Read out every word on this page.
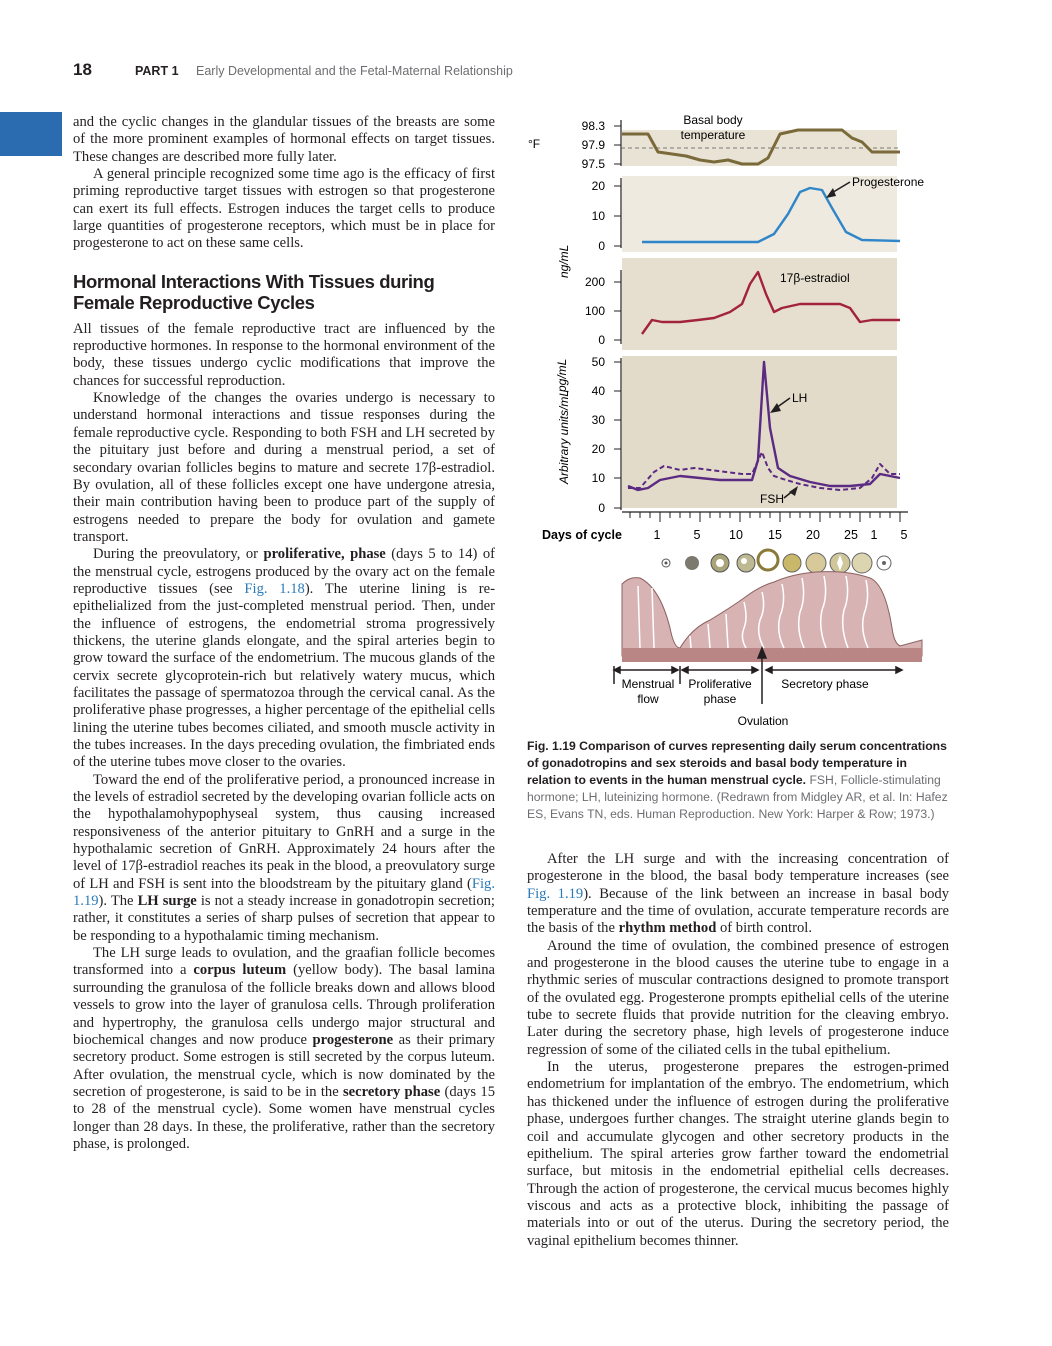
18	PART 1 Early Developmental and the Fetal-Maternal Relationship

and the cyclic changes in the glandular tissues of the breasts are some of the more prominent examples of hormonal effects on target tissues. These changes are described more fully later.

A general principle recognized some time ago is the efficacy of first priming reproductive target tissues with estrogen so that progesterone can exert its full effects. Estrogen induces the target cells to produce large quantities of progesterone receptors, which must be in place for progesterone to act on these same cells.

Hormonal Interactions With Tissues during Female Reproductive Cycles

All tissues of the female reproductive tract are influenced by the reproductive hormones. In response to the hormonal environment of the body, these tissues undergo cyclic modifications that improve the chances for successful reproduction.

Knowledge of the changes the ovaries undergo is necessary to understand hormonal interactions and tissue responses during the female reproductive cycle. Responding to both FSH and LH secreted by the pituitary just before and during a menstrual period, a set of secondary ovarian follicles begins to mature and secrete 17β-estradiol. By ovulation, all of these follicles except one have undergone atresia, their main contribution having been to produce part of the supply of estrogens needed to prepare the body for ovulation and gamete transport.

During the preovulatory, or proliferative, phase (days 5 to 14) of the menstrual cycle, estrogens produced by the ovary act on the female reproductive tissues (see Fig. 1.18). The uterine lining is re-epithelialized from the just-completed menstrual period. Then, under the influence of estrogens, the endometrial stroma progressively thickens, the uterine glands elongate, and the spiral arteries begin to grow toward the surface of the endometrium. The mucous glands of the cervix secrete glycoprotein-rich but relatively watery mucus, which facilitates the passage of spermatozoa through the cervical canal. As the proliferative phase progresses, a higher percentage of the epithelial cells lining the uterine tubes becomes ciliated, and smooth muscle activity in the tubes increases. In the days preceding ovulation, the fimbriated ends of the uterine tubes move closer to the ovaries.

Toward the end of the proliferative period, a pronounced increase in the levels of estradiol secreted by the developing ovarian follicle acts on the hypothalamohypophyseal system, thus causing increased responsiveness of the anterior pituitary to GnRH and a surge in the hypothalamic secretion of GnRH. Approximately 24 hours after the level of 17β-estradiol reaches its peak in the blood, a preovulatory surge of LH and FSH is sent into the bloodstream by the pituitary gland (Fig. 1.19). The LH surge is not a steady increase in gonadotropin secretion; rather, it constitutes a series of sharp pulses of secretion that appear to be responding to a hypothalamic timing mechanism.

The LH surge leads to ovulation, and the graafian follicle becomes transformed into a corpus luteum (yellow body). The basal lamina surrounding the granulosa of the follicle breaks down and allows blood vessels to grow into the layer of granulosa cells. Through proliferation and hypertrophy, the granulosa cells undergo major structural and biochemical changes and now produce progesterone as their primary secretory product. Some estrogen is still secreted by the corpus luteum. After ovulation, the menstrual cycle, which is now dominated by the secretion of progesterone, is said to be in the secretory phase (days 15 to 28 of the menstrual cycle). Some women have menstrual cycles longer than 28 days. In these, the proliferative, rather than the secretory phase, is prolonged.

°F
98.3
97.9
97.5
Basal body temperature
ng/mL
20
10
0
Progesterone
pg/mL
200
100
0
17β-estradiol
Arbitrary units/mL
50
40
30
20
10
0
LH
FSH
Days of cycle	1	5 10 15 20 25 1 5
Menstrual flow
Proliferative phase
Secretory phase
Ovulation
Fig. 1.19 Comparison of curves representing daily serum concentrations of gonadotropins and sex steroids and basal body temperature in relation to events in the human menstrual cycle. FSH, Follicle-stimulating hormone; LH, luteinizing hormone. (Redrawn from Midgley AR, et al. In: Hafez ES, Evans TN, eds. Human Reproduction. New York: Harper & Row; 1973.)

After the LH surge and with the increasing concentration of progesterone in the blood, the basal body temperature increases (see Fig. 1.19). Because of the link between an increase in basal body temperature and the time of ovulation, accurate temperature records are the basis of the rhythm method of birth control.

Around the time of ovulation, the combined presence of estrogen and progesterone in the blood causes the uterine tube to engage in a rhythmic series of muscular contractions designed to promote transport of the ovulated egg. Progesterone prompts epithelial cells of the uterine tube to secrete fluids that provide nutrition for the cleaving embryo. Later during the secretory phase, high levels of progesterone induce regression of some of the ciliated cells in the tubal epithelium.

In the uterus, progesterone prepares the estrogen-primed endometrium for implantation of the embryo. The endometrium, which has thickened under the influence of estrogen during the proliferative phase, undergoes further changes. The straight uterine glands begin to coil and accumulate glycogen and other secretory products in the epithelium. The spiral arteries grow farther toward the endometrial surface, but mitosis in the endometrial epithelial cells decreases. Through the action of progesterone, the cervical mucus becomes highly viscous and acts as a protective block, inhibiting the passage of materials into or out of the uterus. During the secretory period, the vaginal epithelium becomes thinner.
